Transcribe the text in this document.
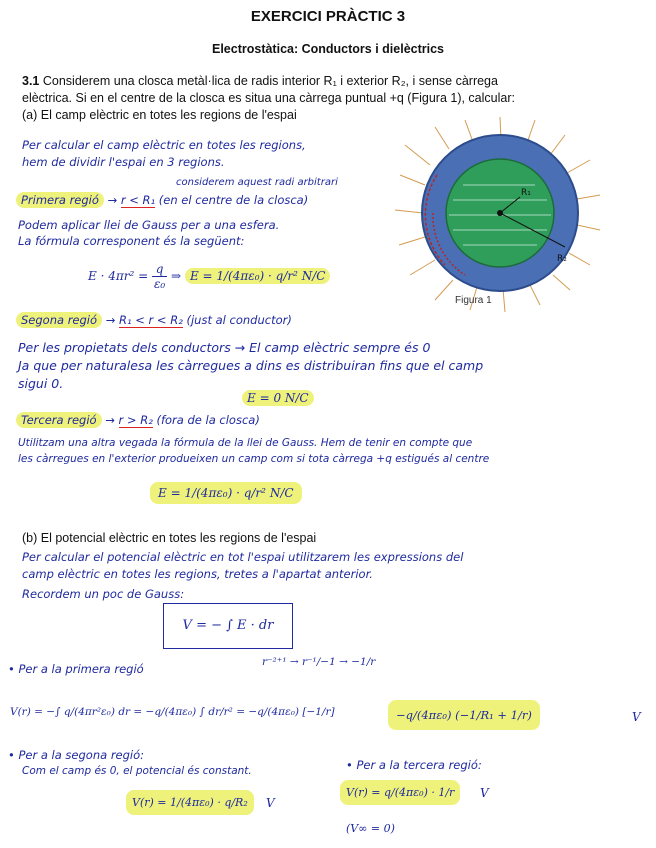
EXERCICI PRÀCTIC 3
Electrostàtica: Conductors i dielèctrics
3.1 Considerem una closca metàl·lica de radis interior R₁ i exterior R₂, i sense càrrega
elèctrica. Si en el centre de la closca es situa una càrrega puntual +q (Figura 1), calcular:
(a) El camp elèctric en totes les regions de l'espai
R₁
R₂
Figura 1
Per calcular el camp elèctric en totes les regions,
hem de dividir l'espai en 3 regions.
considerem aquest radi arbitrari
Primera regió → r < R₁ (en el centre de la closca)
Podem aplicar llei de Gauss per a una esfera.
La fórmula corresponent és la següent:
$E \cdot 4\pi r^2 = \frac{q}{\text{ε₀}}$ ⇒ E = 1/(4πε₀) · q/r² N/C
Segona regió → R₁ < r < R₂ (just al conductor)
Per les propietats dels conductors → El camp elèctric sempre és 0
Ja que per naturalesa les càrregues a dins es distribuiran fins que el camp
sigui 0.
E = 0 N/C
Tercera regió → r > R₂ (fora de la closca)
Utilitzam una altra vegada la fórmula de la llei de Gauss. Hem de tenir en compte que
les càrregues en l'exterior produeixen un camp com si tota càrrega +q estigués al centre
E = 1/(4πε₀) · q/r² N/C
(b) El potencial elèctric en totes les regions de l'espai
Per calcular el potencial elèctric en tot l'espai utilitzarem les expressions del
camp elèctric en totes les regions, tretes a l'apartat anterior.
Recordem un poc de Gauss:
V = − ∫ E · dr
• Per a la primera regió	r⁻²⁺¹ → r⁻¹/−1 → −1/r
V(r) = −∫ q/(4πr²ε₀) dr = −q/(4πε₀) ∫ dr/r² = −q/(4πε₀) [−1/r]	−q/(4πε₀) (−1/R₁ + 1/r)	V
• Per a la segona regió:
Com el camp és 0, el potencial és constant.	• Per a la tercera regió:
V(r) = 1/(4πε₀) · q/R₂	V
V(r) = q/(4πε₀) · 1/r	V
(V∞ = 0)
